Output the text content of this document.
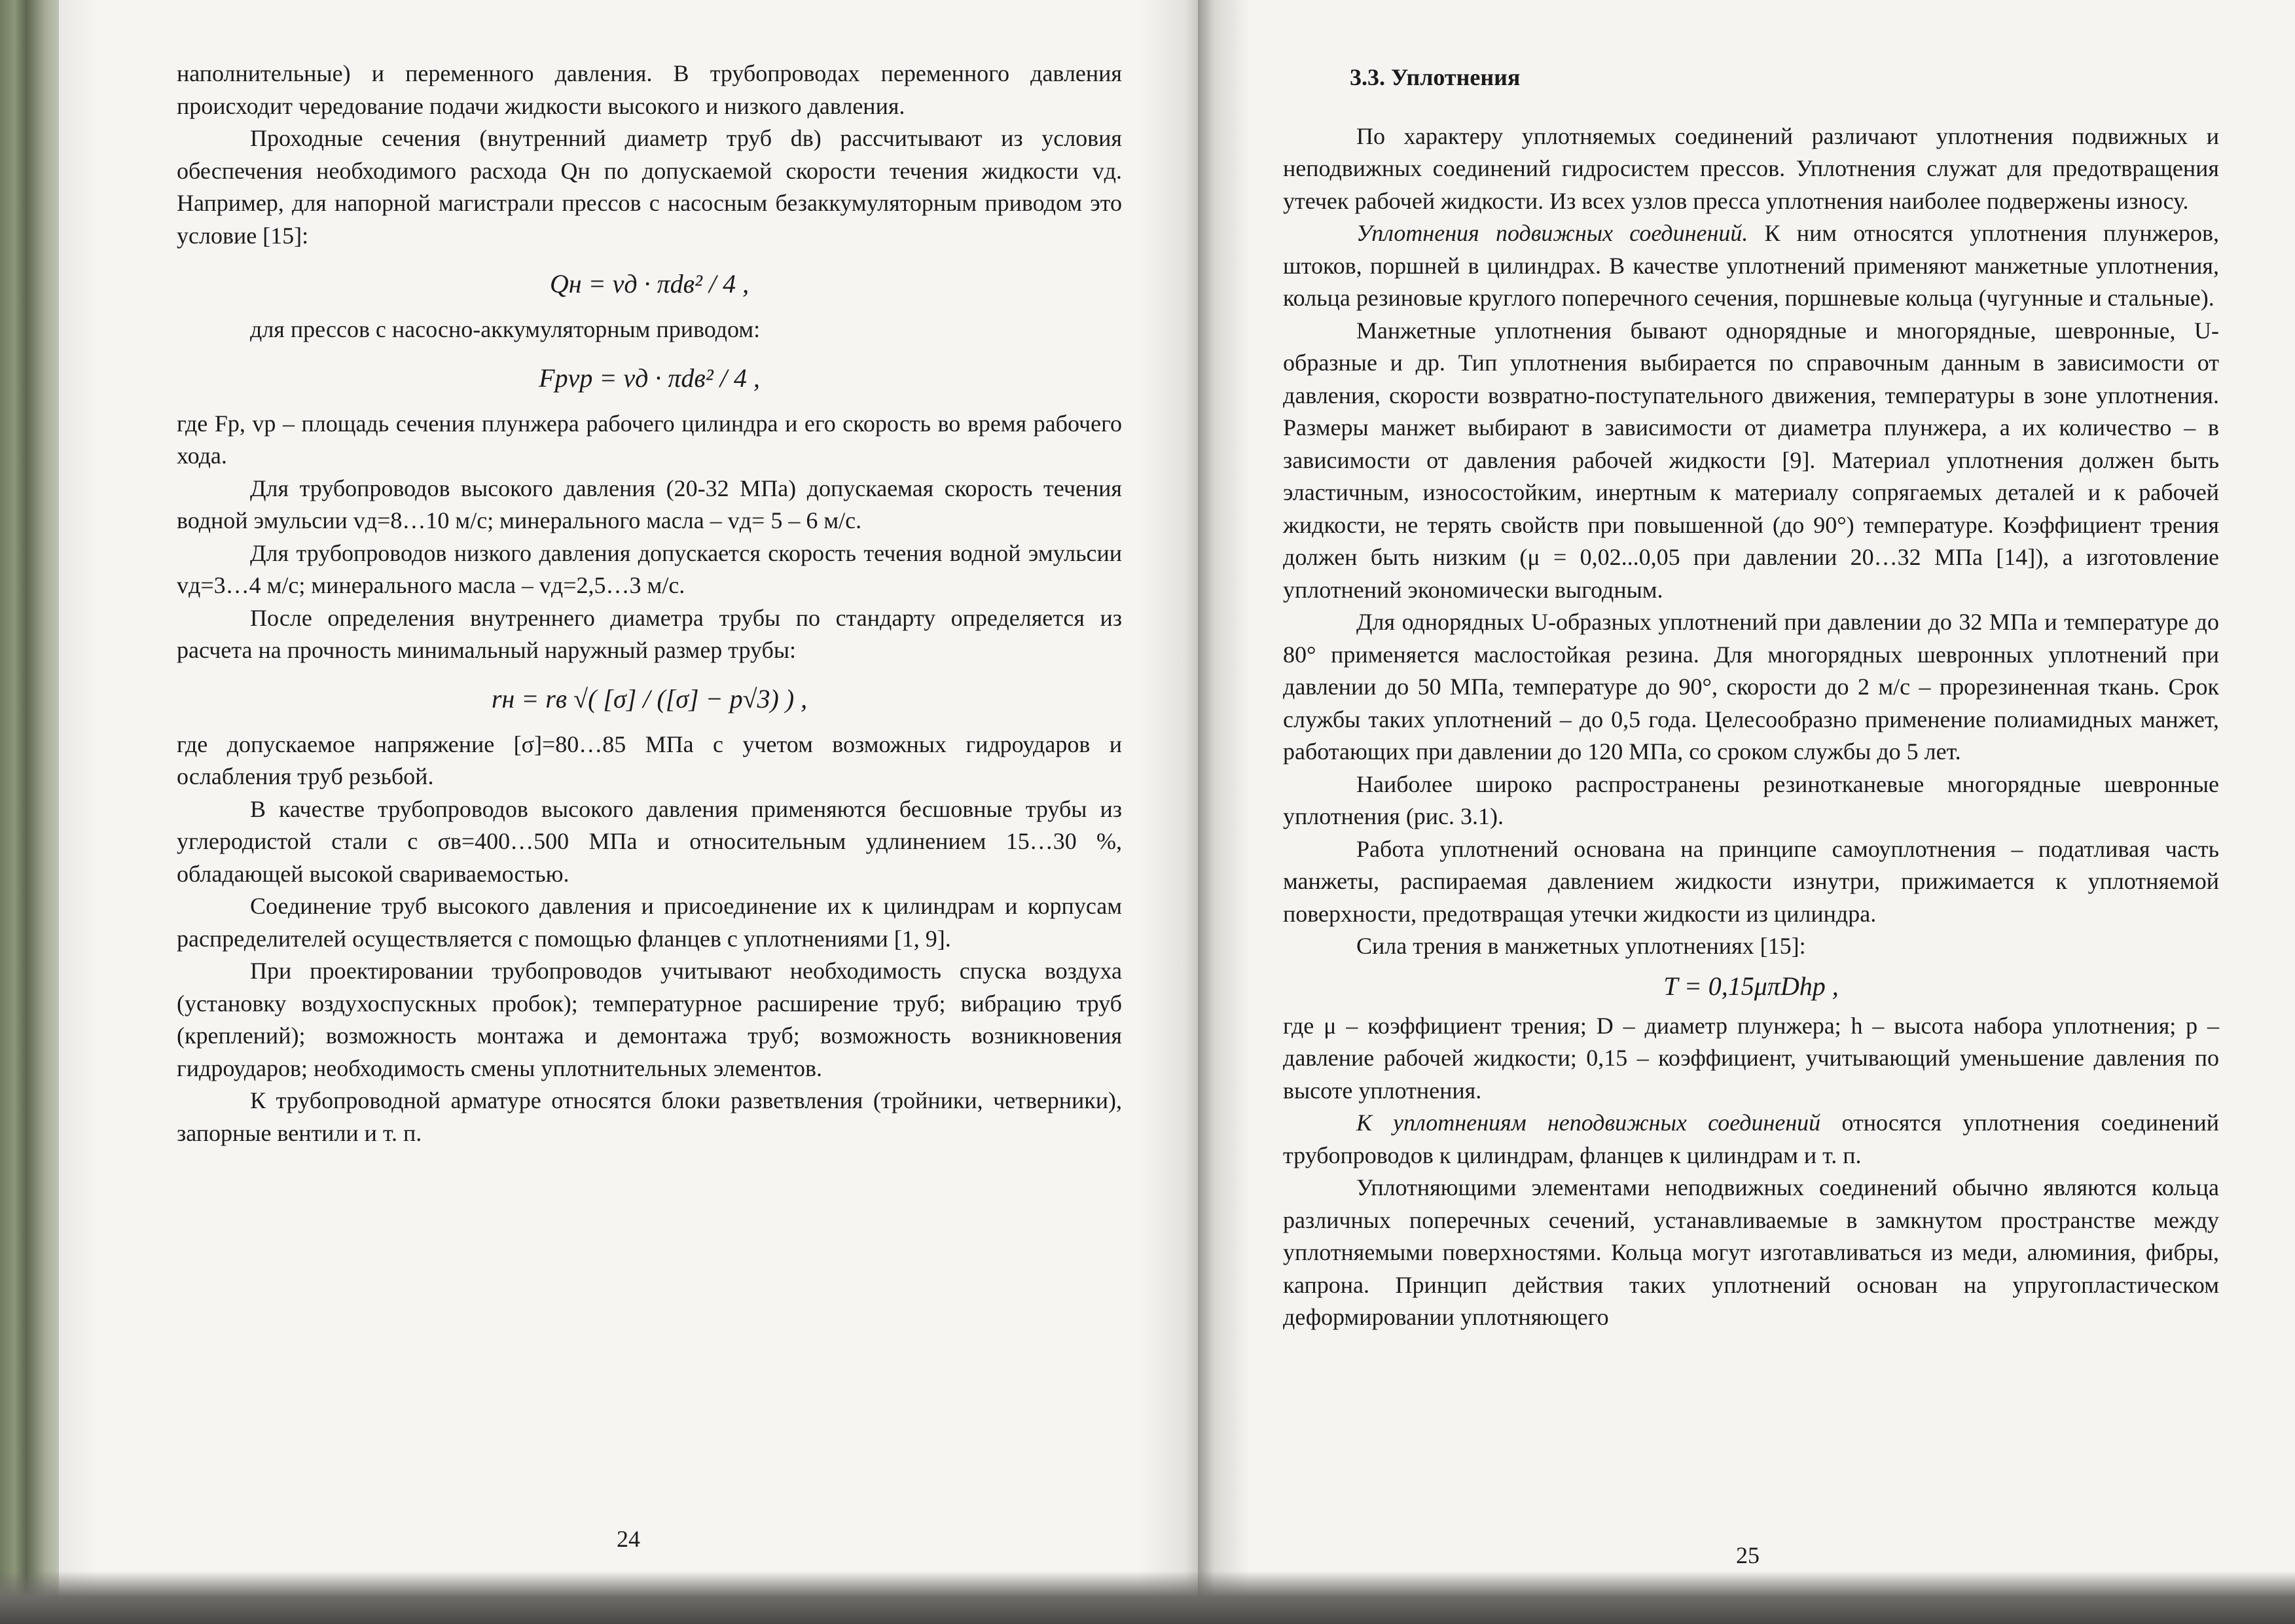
наполнительные) и переменного давления. В трубопроводах переменного давления происходит чередование подачи жидкости высокого и низкого давления.

Проходные сечения (внутренний диаметр труб dв) рассчитывают из условия обеспечения необходимого расхода Qн по допускаемой скорости течения жидкости vд. Например, для напорной магистрали прессов с насосным безаккумуляторным приводом это условие [15]:

Qн = vд · πdв² / 4 ,

для прессов с насосно-аккумуляторным приводом:

Fрvр = vд · πdв² / 4 ,

где Fр, vр – площадь сечения плунжера рабочего цилиндра и его скорость во время рабочего хода.

Для трубопроводов высокого давления (20-32 МПа) допускаемая скорость течения водной эмульсии vд=8…10 м/с; минерального масла – vд= 5 – 6 м/с.

Для трубопроводов низкого давления допускается скорость течения водной эмульсии vд=3…4 м/с; минерального масла – vд=2,5…3 м/с.

После определения внутреннего диаметра трубы по стандарту определяется из расчета на прочность минимальный наружный размер трубы:

rн = rв √( [σ] / ([σ] − p√3) ) ,

где допускаемое напряжение [σ]=80…85 МПа с учетом возможных гидроударов и ослабления труб резьбой.

В качестве трубопроводов высокого давления применяются бесшовные трубы из углеродистой стали с σв=400…500 МПа и относительным удлинением 15…30 %, обладающей высокой свариваемостью.

Соединение труб высокого давления и присоединение их к цилиндрам и корпусам распределителей осуществляется с помощью фланцев с уплотнениями [1, 9].

При проектировании трубопроводов учитывают необходимость спуска воздуха (установку воздухоспускных пробок); температурное расширение труб; вибрацию труб (креплений); возможность монтажа и демонтажа труб; возможность возникновения гидроударов; необходимость смены уплотнительных элементов.

К трубопроводной арматуре относятся блоки разветвления (тройники, четверники), запорные вентили и т. п.

3.3. Уплотнения

По характеру уплотняемых соединений различают уплотнения подвижных и неподвижных соединений гидросистем прессов. Уплотнения служат для предотвращения утечек рабочей жидкости. Из всех узлов пресса уплотнения наиболее подвержены износу.

Уплотнения подвижных соединений. К ним относятся уплотнения плунжеров, штоков, поршней в цилиндрах. В качестве уплотнений применяют манжетные уплотнения, кольца резиновые круглого поперечного сечения, поршневые кольца (чугунные и стальные).

Манжетные уплотнения бывают однорядные и многорядные, шевронные, U-образные и др. Тип уплотнения выбирается по справочным данным в зависимости от давления, скорости возвратно-поступательного движения, температуры в зоне уплотнения. Размеры манжет выбирают в зависимости от диаметра плунжера, а их количество – в зависимости от давления рабочей жидкости [9]. Материал уплотнения должен быть эластичным, износостойким, инертным к материалу сопрягаемых деталей и к рабочей жидкости, не терять свойств при повышенной (до 90°) температуре. Коэффициент трения должен быть низким (μ = 0,02...0,05 при давлении 20…32 МПа [14]), а изготовление уплотнений экономически выгодным.

Для однорядных U-образных уплотнений при давлении до 32 МПа и температуре до 80° применяется маслостойкая резина. Для многорядных шевронных уплотнений при давлении до 50 МПа, температуре до 90°, скорости до 2 м/с – прорезиненная ткань. Срок службы таких уплотнений – до 0,5 года. Целесообразно применение полиамидных манжет, работающих при давлении до 120 МПа, со сроком службы до 5 лет.

Наиболее широко распространены резинотканевые многорядные шевронные уплотнения (рис. 3.1).

Работа уплотнений основана на принципе самоуплотнения – податливая часть манжеты, распираемая давлением жидкости изнутри, прижимается к уплотняемой поверхности, предотвращая утечки жидкости из цилиндра.

Сила трения в манжетных уплотнениях [15]:

T = 0,15μπDhp ,

где μ – коэффициент трения; D – диаметр плунжера; h – высота набора уплотнения; p – давление рабочей жидкости; 0,15 – коэффициент, учитывающий уменьшение давления по высоте уплотнения.

К уплотнениям неподвижных соединений относятся уплотнения соединений трубопроводов к цилиндрам, фланцев к цилиндрам и т. п.

Уплотняющими элементами неподвижных соединений обычно являются кольца различных поперечных сечений, устанавливаемые в замкнутом пространстве между уплотняемыми поверхностями. Кольца могут изготавливаться из меди, алюминия, фибры, капрона. Принцип действия таких уплотнений основан на упругопластическом деформировании уплотняющего

24
25
